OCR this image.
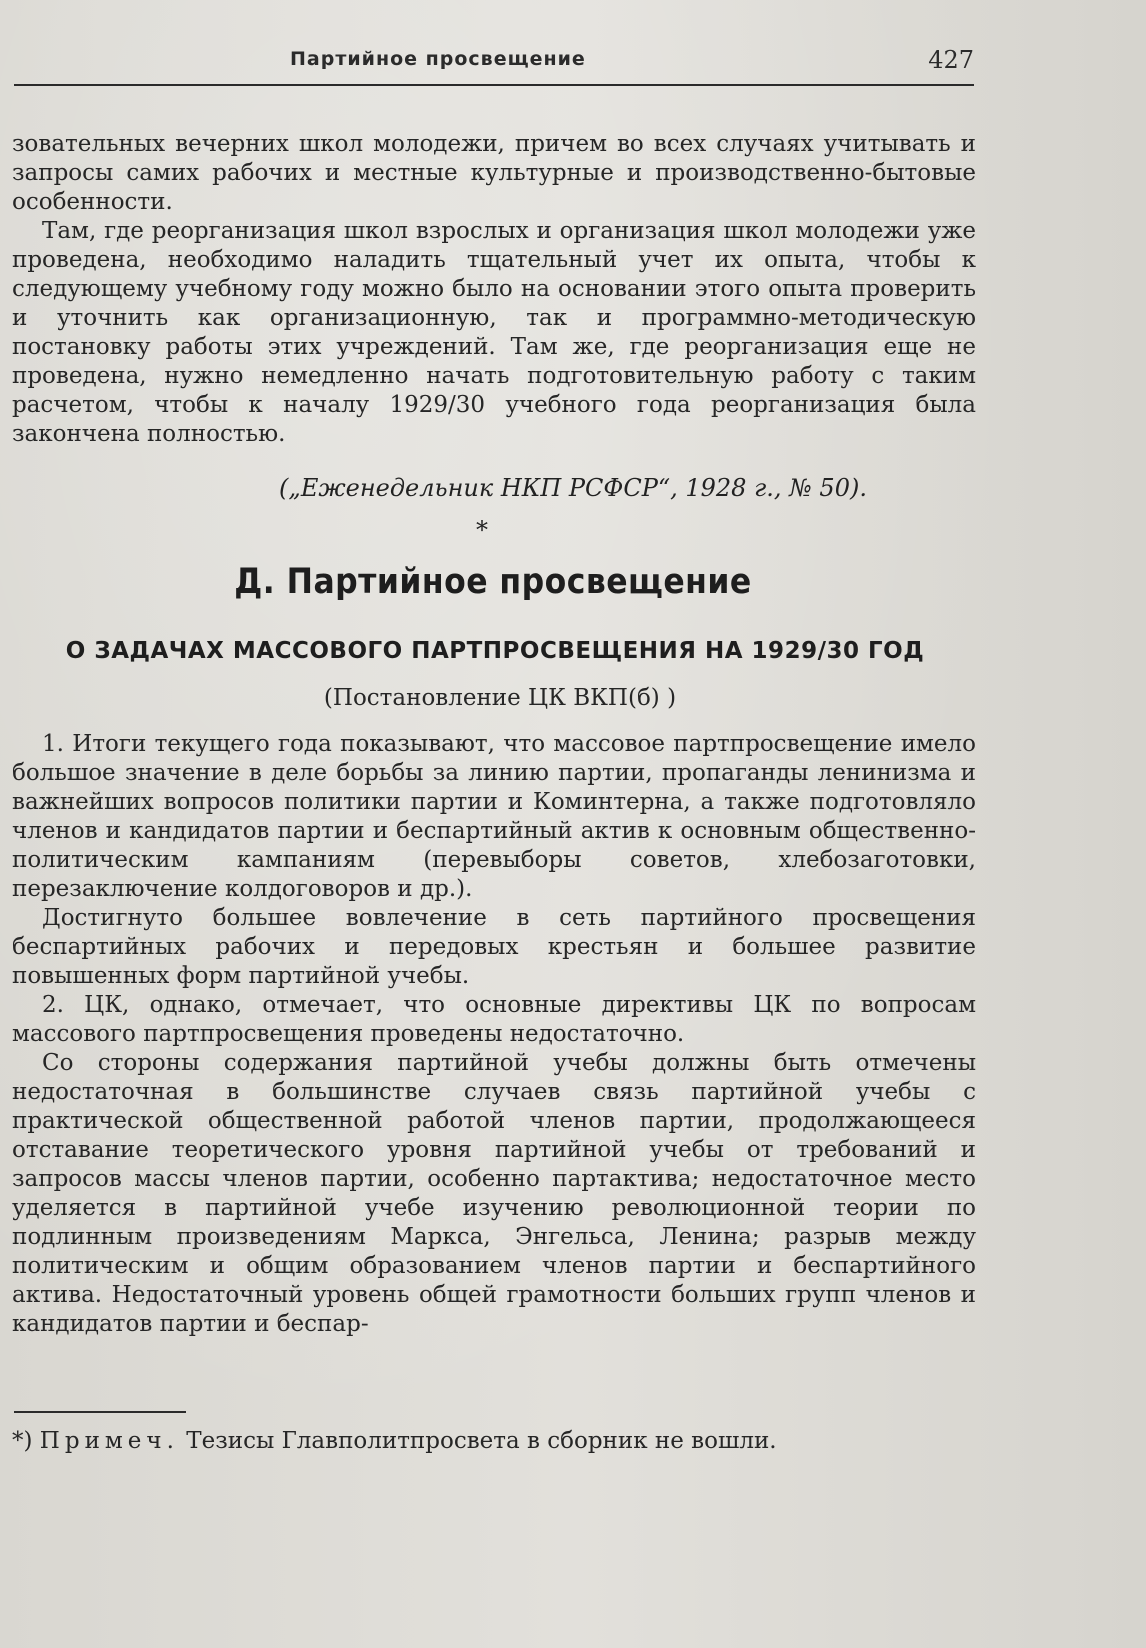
Партийное просвещение	427

зовательных вечерних школ молодежи, причем во всех случаях учитывать и запросы самих рабочих и местные культурные и производственно-бытовые особенности.

Там, где реорганизация школ взрослых и организация школ молодежи уже проведена, необходимо наладить тщательный учет их опыта, чтобы к следующему учебному году можно было на основании этого опыта проверить и уточнить как организационную, так и программно-методическую постановку работы этих учреждений. Там же, где реорганизация еще не проведена, нужно немедленно начать подготовительную работу с таким расчетом, чтобы к началу 1929/30 учебного года реорганизация была закончена полностью.

(„Еженедельник НКП РСФСР“, 1928 г., № 50).
*
Д. Партийное просвещение
О ЗАДАЧАХ МАССОВОГО ПАРТПРОСВЕЩЕНИЯ НА 1929/30 ГОД
(Постановление ЦК ВКП(б) )

1. Итоги текущего года показывают, что массовое партпросвещение имело большое значение в деле борьбы за линию партии, пропаганды ленинизма и важнейших вопросов политики партии и Коминтерна, а также подготовляло членов и кандидатов партии и беспартийный актив к основным общественно-политическим кампаниям (перевыборы советов, хлебозаготовки, перезаключение колдоговоров и др.).

Достигнуто большее вовлечение в сеть партийного просвещения беспартийных рабочих и передовых крестьян и большее развитие повышенных форм партийной учебы.

2. ЦК, однако, отмечает, что основные директивы ЦК по вопросам массового партпросвещения проведены недостаточно.

Со стороны содержания партийной учебы должны быть отмечены недостаточная в большинстве случаев связь партийной учебы с практической общественной работой членов партии, продолжающееся отставание теоретического уровня партийной учебы от требований и запросов массы членов партии, особенно партактива; недостаточное место уделяется в партийной учебе изучению революционной теории по подлинным произведениям Маркса, Энгельса, Ленина; разрыв между политическим и общим образованием членов партии и беспартийного актива. Недостаточный уровень общей грамотности больших групп членов и кандидатов партии и беспар-

*) Примеч. Тезисы Главполитпросвета в сборник не вошли.
